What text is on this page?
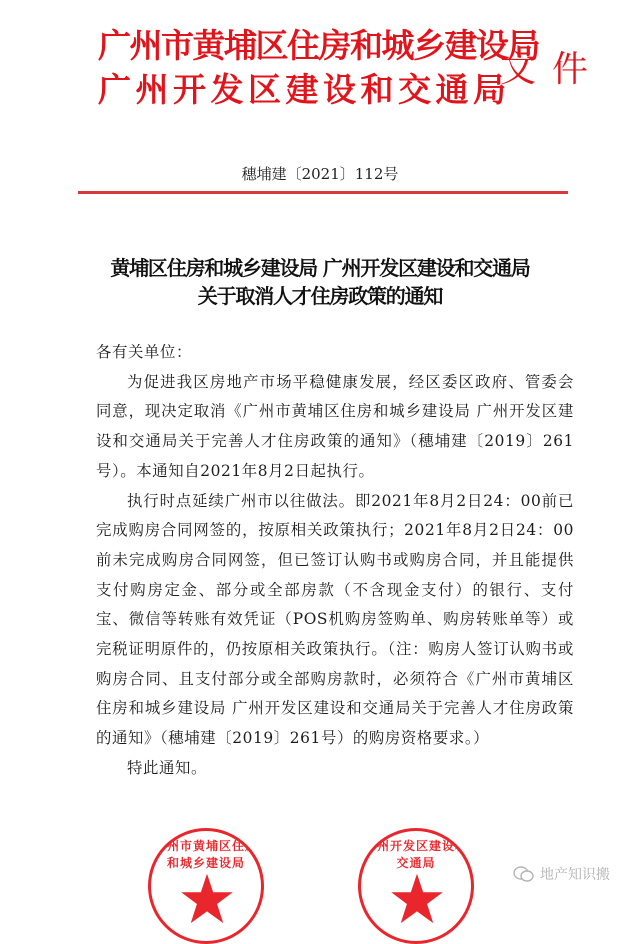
广州市黄埔区住房和城乡建设局
广州开发区建设和交通局
文件
穗埔建〔2021〕112号
黄埔区住房和城乡建设局 广州开发区建设和交通局
关于取消人才住房政策的通知

各有关单位：

为促进我区房地产市场平稳健康发展，经区委区政府、管委会同意，现决定取消《广州市黄埔区住房和城乡建设局 广州开发区建设和交通局关于完善人才住房政策的通知》（穗埔建〔2019〕261号）。本通知自2021年8月2日起执行。

执行时点延续广州市以往做法。即2021年8月2日24：00前已完成购房合同网签的，按原相关政策执行；2021年8月2日24：00前未完成购房合同网签，但已签订认购书或购房合同，并且能提供支付购房定金、部分或全部房款（不含现金支付）的银行、支付宝、微信等转账有效凭证（POS机购房签购单、购房转账单等）或完税证明原件的，仍按原相关政策执行。（注：购房人签订认购书或购房合同、且支付部分或全部购房款时，必须符合《广州市黄埔区住房和城乡建设局 广州开发区建设和交通局关于完善人才住房政策的通知》（穗埔建〔2019〕261号）的购房资格要求。）

特此通知。

广州市黄埔区住房和城乡建设局
广州开发区建设和交通局
地产知识搬
